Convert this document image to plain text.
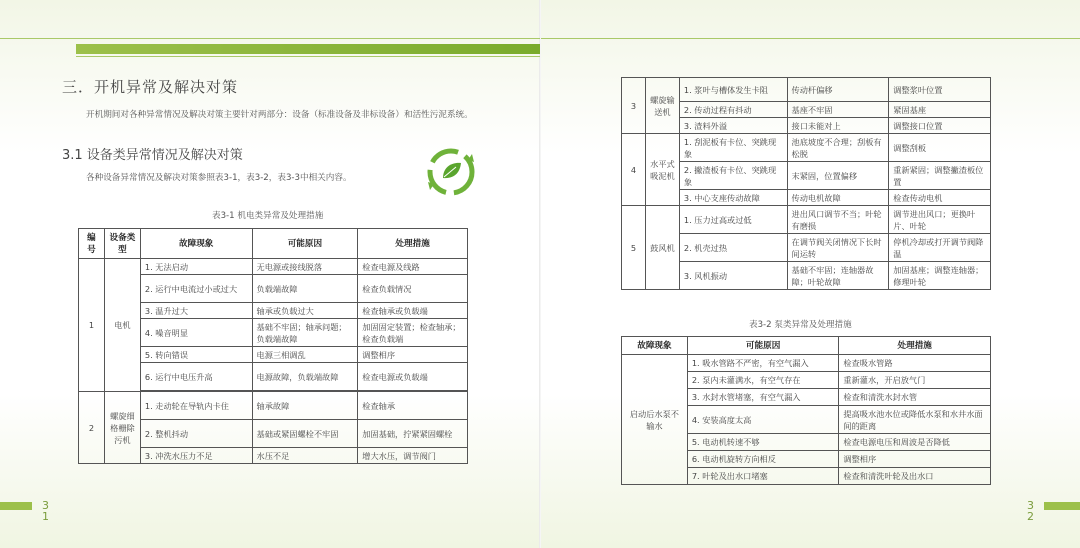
三．开机异常及解决对策
开机期间对各种异常情况及解决对策主要针对两部分：设备（标准设备及非标设备）和活性污泥系统。
3.1 设备类异常情况及解决对策
各种设备异常情况及解决对策参照表3-1，表3-2，表3-3中相关内容。
表3-1 机电类异常及处理措施
编号	设备类型	故障现象	可能原因	处理措施
1	电机	1. 无法启动	无电源或接线脱落	检查电源及线路
		2. 运行中电流过小或过大	负载端故障	检查负载情况
		3. 温升过大	轴承或负载过大	检查轴承或负载端
		4. 噪音明显	基础不牢固；轴承问题；负载端故障	加固固定装置；检查轴承；检查负载端
		5. 转向错误	电源三相调乱	调整相序
		6. 运行中电压升高	电源故障，负载端故障	检查电源或负载端

2	螺旋细格栅除污机	1. 走动轮在导轨内卡住	轴承故障	检查轴承
		2. 整机抖动	基础或紧固螺栓不牢固	加固基础，拧紧紧固螺栓
		3. 冲洗水压力不足	水压不足	增大水压，调节阀门
3
1
3	螺旋输送机	1. 浆叶与槽体发生卡阻	传动杆偏移	调整浆叶位置
		2. 传动过程有抖动	基座不牢固	紧固基座
		3. 渣料外溢	接口未能对上	调整接口位置
4	水平式吸泥机	1. 刮泥板有卡位、突跳现象	池底坡度不合理；刮板有松脱	调整刮板
		2. 撇渣板有卡位、突跳现象	末紧固，位置偏移	重新紧固；调整撇渣板位置
		3. 中心支座传动故障	传动电机故障	检查传动电机
5	鼓风机	1. 压力过高或过低	进出风口调节不当；叶轮有磨损	调节进出风口；更换叶片、叶轮
		2. 机壳过热	在调节阀关闭情况下长时间运转	停机冷却或打开调节阀降温
		3. 风机振动	基础不牢固；连轴器故障；叶轮故障	加固基座；调整连轴器；修理叶轮
表3-2 泵类异常及处理措施
故障现象	可能原因	处理措施
启动后水泵不输水	1. 吸水管路不严密，有空气漏入	检查吸水管路
	2. 泵内未灌满水，有空气存在	重新灌水，开启放气门
	3. 水封水管堵塞，有空气漏入	检查和清洗水封水管
	4. 安装高度太高	提高吸水池水位或降低水泵和水井水面间的距离
	5. 电动机转速不够	检查电源电压和周波是否降低
	6. 电动机旋转方向相反	调整相序
	7. 叶轮及出水口堵塞	检查和清洗叶轮及出水口
3
2
